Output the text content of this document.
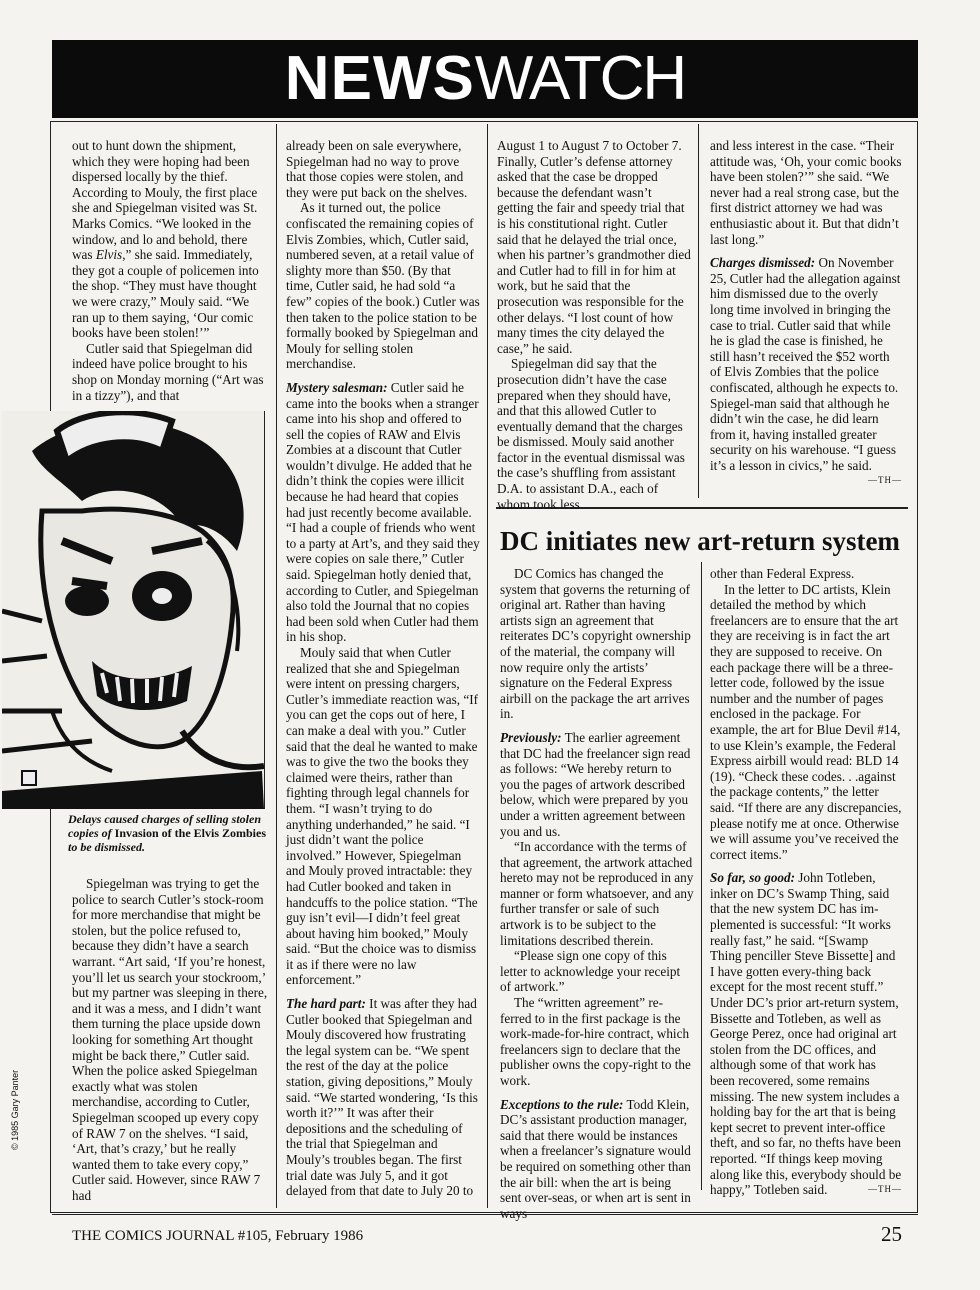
NEWSWATCH

out to hunt down the shipment, which they were hoping had been dispersed locally by the thief. According to Mouly, the first place she and Spiegelman visited was St. Marks Comics. “We looked in the window, and lo and behold, there was Elvis,” she said. Immediately, they got a couple of policemen into the shop. “They must have thought we were crazy,” Mouly said. “We ran up to them saying, ‘Our comic books have been stolen!’”

Cutler said that Spiegelman did indeed have police brought to his shop on Monday morning (“Art was in a tizzy”), and that

Delays caused charges of selling stolen copies of Invasion of the Elvis Zombies to be dismissed.
© 1985 Gary Panter

Spiegelman was trying to get the police to search Cutler’s stock-room for more merchandise that might be stolen, but the police refused to, because they didn’t have a search warrant. “Art said, ‘If you’re honest, you’ll let us search your stockroom,’ but my partner was sleeping in there, and it was a mess, and I didn’t want them turning the place upside down looking for something Art thought might be back there,” Cutler said. When the police asked Spiegelman exactly what was stolen merchandise, according to Cutler, Spiegelman scooped up every copy of RAW 7 on the shelves. “I said, ‘Art, that’s crazy,’ but he really wanted them to take every copy,” Cutler said. However, since RAW 7 had

already been on sale everywhere, Spiegelman had no way to prove that those copies were stolen, and they were put back on the shelves.

As it turned out, the police confiscated the remaining copies of Elvis Zombies, which, Cutler said, numbered seven, at a retail value of slighty more than $50. (By that time, Cutler said, he had sold “a few” copies of the book.) Cutler was then taken to the police station to be formally booked by Spiegelman and Mouly for selling stolen merchandise.

Mystery salesman: Cutler said he came into the books when a stranger came into his shop and offered to sell the copies of RAW and Elvis Zombies at a discount that Cutler wouldn’t divulge. He added that he didn’t think the copies were illicit because he had heard that copies had just recently become available. “I had a couple of friends who went to a party at Art’s, and they said they were copies on sale there,” Cutler said. Spiegelman hotly denied that, according to Cutler, and Spiegelman also told the Journal that no copies had been sold when Cutler had them in his shop.

Mouly said that when Cutler realized that she and Spiegelman were intent on pressing chargers, Cutler’s immediate reaction was, “If you can get the cops out of here, I can make a deal with you.” Cutler said that the deal he wanted to make was to give the two the books they claimed were theirs, rather than fighting through legal channels for them. “I wasn’t trying to do anything underhanded,” he said. “I just didn’t want the police involved.” However, Spiegelman and Mouly proved intractable: they had Cutler booked and taken in handcuffs to the police station. “The guy isn’t evil—I didn’t feel great about having him booked,” Mouly said. “But the choice was to dismiss it as if there were no law enforcement.”

The hard part: It was after they had Cutler booked that Spiegelman and Mouly discovered how frustrating the legal system can be. “We spent the rest of the day at the police station, giving depositions,” Mouly said. “We started wondering, ‘Is this worth it?’” It was after their depositions and the scheduling of the trial that Spiegelman and Mouly’s troubles began. The first trial date was July 5, and it got delayed from that date to July 20 to

August 1 to August 7 to October 7. Finally, Cutler’s defense attorney asked that the case be dropped because the defendant wasn’t getting the fair and speedy trial that is his constitutional right. Cutler said that he delayed the trial once, when his partner’s grandmother died and Cutler had to fill in for him at work, but he said that the prosecution was responsible for the other delays. “I lost count of how many times the city delayed the case,” he said.

Spiegelman did say that the prosecution didn’t have the case prepared when they should have, and that this allowed Cutler to eventually demand that the charges be dismissed. Mouly said another factor in the eventual dismissal was the case’s shuffling from assistant D.A. to assistant D.A., each of whom took less

and less interest in the case. “Their attitude was, ‘Oh, your comic books have been stolen?’” she said. “We never had a real strong case, but the first district attorney we had was enthusiastic about it. But that didn’t last long.”

Charges dismissed: On November 25, Cutler had the allegation against him dismissed due to the overly long time involved in bringing the case to trial. Cutler said that while he is glad the case is finished, he still hasn’t received the $52 worth of Elvis Zombies that the police confiscated, although he expects to. Spiegel-man said that although he didn’t win the case, he did learn from it, having installed greater security on his warehouse. “I guess it’s a lesson in civics,” he said.
—TH—

DC initiates new art-return system

DC Comics has changed the system that governs the returning of original art. Rather than having artists sign an agreement that reiterates DC’s copyright ownership of the material, the company will now require only the artists’ signature on the Federal Express airbill on the package the art arrives in.

Previously: The earlier agreement that DC had the freelancer sign read as follows: “We hereby return to you the pages of artwork described below, which were prepared by you under a written agreement between you and us.

“In accordance with the terms of that agreement, the artwork attached hereto may not be reproduced in any manner or form whatsoever, and any further transfer or sale of such artwork is to be subject to the limitations described therein.

“Please sign one copy of this letter to acknowledge your receipt of artwork.”

The “written agreement” re-ferred to in the first package is the work-made-for-hire contract, which freelancers sign to declare that the publisher owns the copy-right to the work.

Exceptions to the rule: Todd Klein, DC’s assistant production manager, said that there would be instances when a freelancer’s signature would be required on something other than the air bill: when the art is being sent over-seas, or when art is sent in ways

other than Federal Express.

In the letter to DC artists, Klein detailed the method by which freelancers are to ensure that the art they are receiving is in fact the art they are supposed to receive. On each package there will be a three-letter code, followed by the issue number and the number of pages enclosed in the package. For example, the art for Blue Devil #14, to use Klein’s example, the Federal Express airbill would read: BLD 14 (19). “Check these codes. . .against the package contents,” the letter said. “If there are any discrepancies, please notify me at once. Otherwise we will assume you’ve received the correct items.”

So far, so good: John Totleben, inker on DC’s Swamp Thing, said that the new system DC has im-plemented is successful: “It works really fast,” he said. “[Swamp Thing penciller Steve Bissette] and I have gotten every-thing back except for the most recent stuff.” Under DC’s prior art-return system, Bissette and Totleben, as well as George Perez, once had original art stolen from the DC offices, and although some of that work has been recovered, some remains missing. The new system includes a holding bay for the art that is being kept secret to prevent inter-office theft, and so far, no thefts have been reported. “If things keep moving along like this, everybody should be happy,” Totleben said.	—TH—

THE COMICS JOURNAL #105, February 1986	25
